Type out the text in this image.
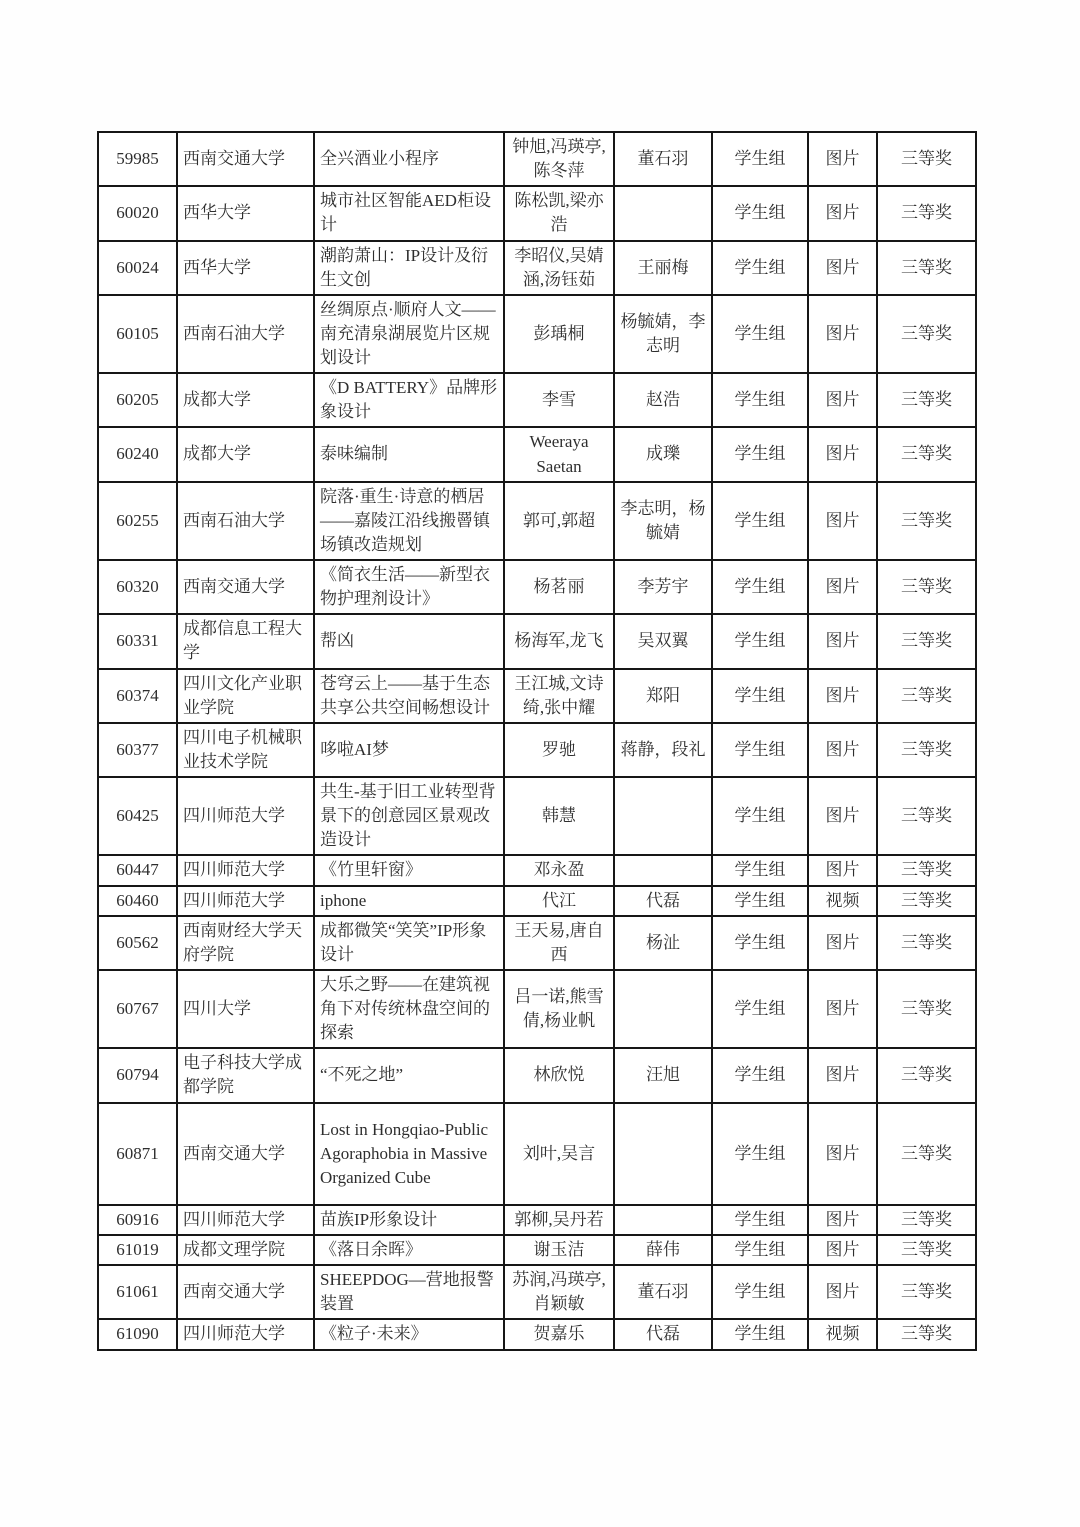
59985	西南交通大学	全兴酒业小程序	钟旭,冯瑛亭,陈冬萍	董石羽	学生组	图片	三等奖
60020	西华大学	城市社区智能AED柜设计	陈松凯,梁亦浩		学生组	图片	三等奖
60024	西华大学	潮韵萧山：IP设计及衍生文创	李昭仪,吴婧涵,汤钰茹	王丽梅	学生组	图片	三等奖
60105	西南石油大学	丝绸原点·顺府人文——南充清泉湖展览片区规划设计	彭瑀桐	杨毓婧，李志明	学生组	图片	三等奖
60205	成都大学	《D BATTERY》品牌形象设计	李雪	赵浩	学生组	图片	三等奖
60240	成都大学	泰味编制	Weeraya Saetan	成瓅	学生组	图片	三等奖
60255	西南石油大学	院落·重生·诗意的栖居——嘉陵江沿线搬罾镇场镇改造规划	郭可,郭超	李志明，杨毓婧	学生组	图片	三等奖
60320	西南交通大学	《简衣生活——新型衣物护理剂设计》	杨茗丽	李芳宇	学生组	图片	三等奖
60331	成都信息工程大学	帮凶	杨海军,龙飞	吴双翼	学生组	图片	三等奖
60374	四川文化产业职业学院	苍穹云上——基于生态共享公共空间畅想设计	王江城,文诗绮,张中耀	郑阳	学生组	图片	三等奖
60377	四川电子机械职业技术学院	哆啦AI梦	罗驰	蒋静，段礼	学生组	图片	三等奖
60425	四川师范大学	共生-基于旧工业转型背景下的创意园区景观改造设计	韩慧		学生组	图片	三等奖
60447	四川师范大学	《竹里轩窗》	邓永盈		学生组	图片	三等奖
60460	四川师范大学	iphone	代江	代磊	学生组	视频	三等奖
60562	西南财经大学天府学院	成都微笑“笑笑”IP形象设计	王天易,唐自西	杨沚	学生组	图片	三等奖
60767	四川大学	大乐之野——在建筑视角下对传统林盘空间的探索	吕一诺,熊雪倩,杨业帆		学生组	图片	三等奖
60794	电子科技大学成都学院	“不死之地”	林欣悦	汪旭	学生组	图片	三等奖
60871	西南交通大学	Lost in Hongqiao-Public Agoraphobia in Massive Organized Cube	刘叶,吴言		学生组	图片	三等奖
60916	四川师范大学	苗族IP形象设计	郭柳,吴丹若		学生组	图片	三等奖
61019	成都文理学院	《落日余晖》	谢玉洁	薛伟	学生组	图片	三等奖
61061	西南交通大学	SHEEPDOG—营地报警装置	苏润,冯瑛亭,肖颖敏	董石羽	学生组	图片	三等奖
61090	四川师范大学	《粒子·未来》	贺嘉乐	代磊	学生组	视频	三等奖
